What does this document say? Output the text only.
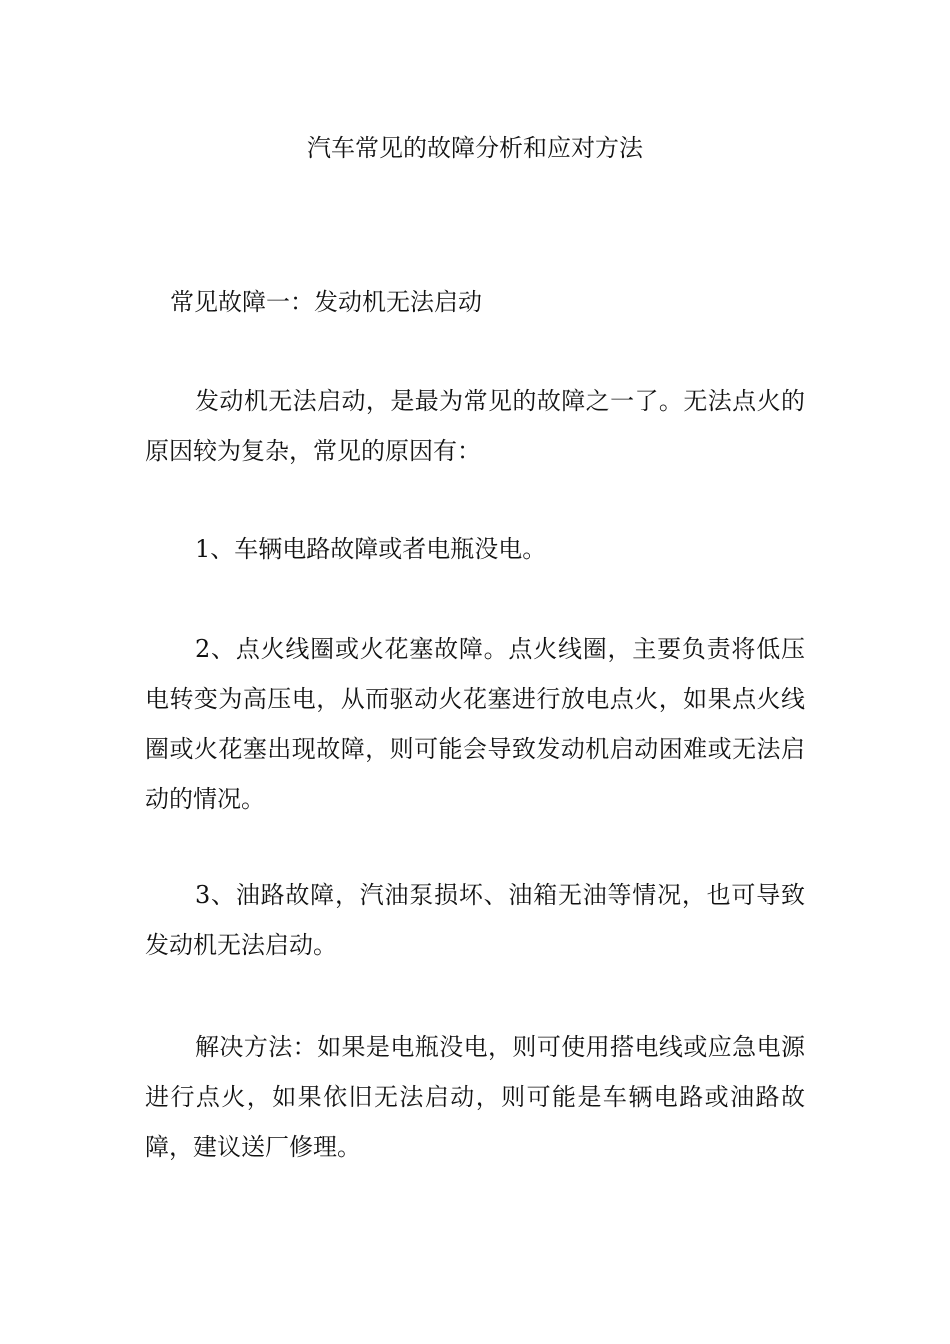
汽车常见的故障分析和应对方法
常见故障一：发动机无法启动

发动机无法启动，是最为常见的故障之一了。无法点火的原因较为复杂，常见的原因有：

1、车辆电路故障或者电瓶没电。

2、点火线圈或火花塞故障。点火线圈，主要负责将低压电转变为高压电，从而驱动火花塞进行放电点火，如果点火线圈或火花塞出现故障，则可能会导致发动机启动困难或无法启动的情况。

3、油路故障，汽油泵损坏、油箱无油等情况，也可导致发动机无法启动。

解决方法：如果是电瓶没电，则可使用搭电线或应急电源进行点火，如果依旧无法启动，则可能是车辆电路或油路故障，建议送厂修理。
